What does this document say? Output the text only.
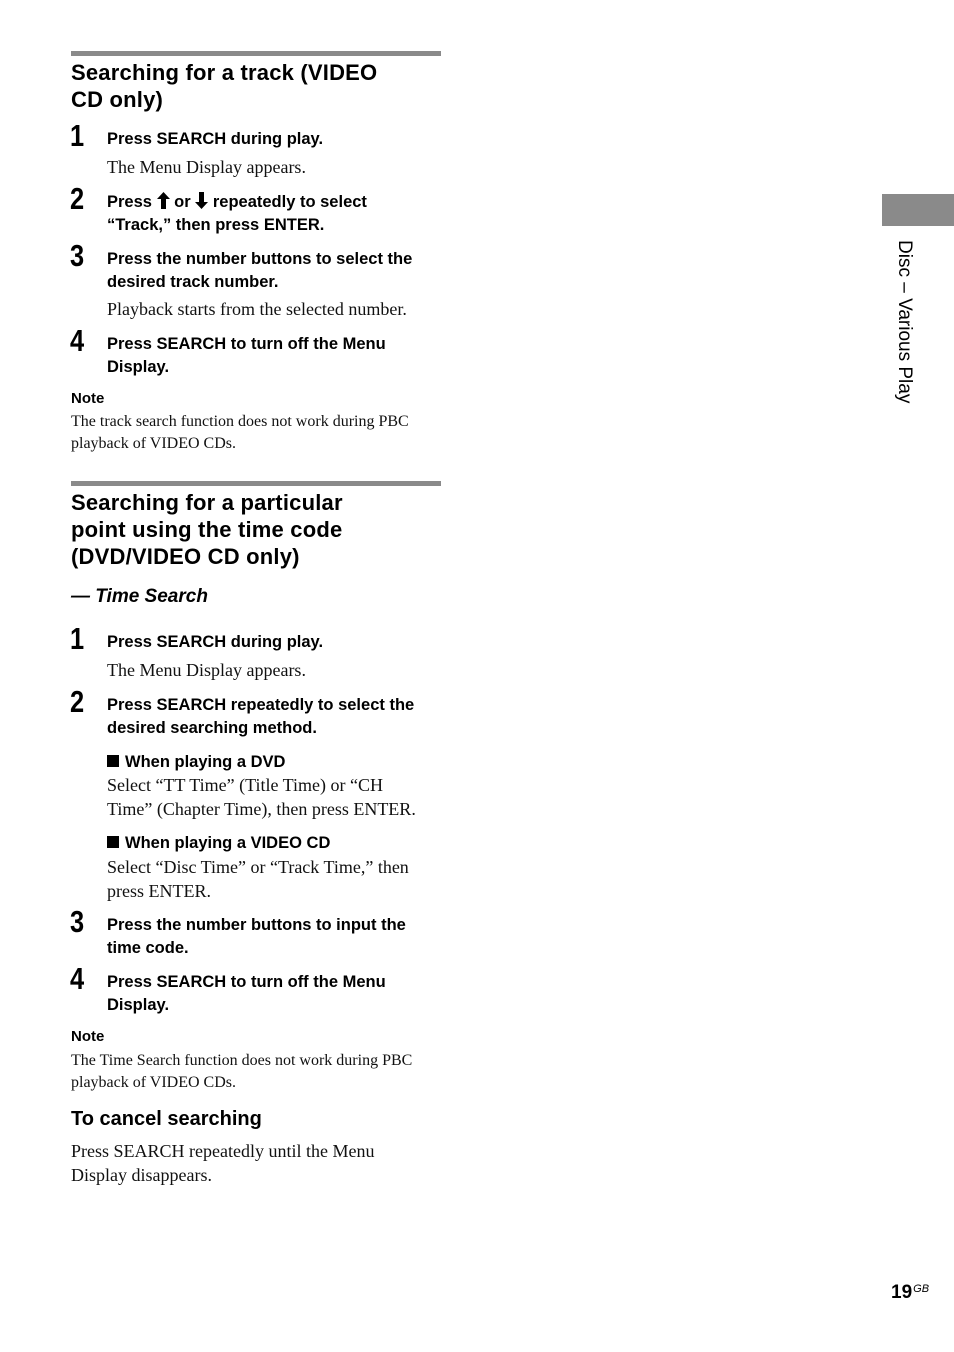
Searching for a track (VIDEO
CD only)
1 Press SEARCH during play.
The Menu Display appears.
2 Press or repeatedly to select
“Track,” then press ENTER.
3 Press the number buttons to select the
desired track number.
Playback starts from the selected number.
4 Press SEARCH to turn off the Menu
Display.
Note
The track search function does not work during PBC
playback of VIDEO CDs.
Searching for a particular
point using the time code
(DVD/VIDEO CD only)
— Time Search
1 Press SEARCH during play.
The Menu Display appears.
2 Press SEARCH repeatedly to select the
desired searching method.
When playing a DVD
Select “TT Time” (Title Time) or “CH
Time” (Chapter Time), then press ENTER.
When playing a VIDEO CD
Select “Disc Time” or “Track Time,” then
press ENTER.
3 Press the number buttons to input the
time code.
4 Press SEARCH to turn off the Menu
Display.
Note
The Time Search function does not work during PBC
playback of VIDEO CDs.
To cancel searching
Press SEARCH repeatedly until the Menu
Display disappears.
Disc – Various Play
$19^{GB}$
